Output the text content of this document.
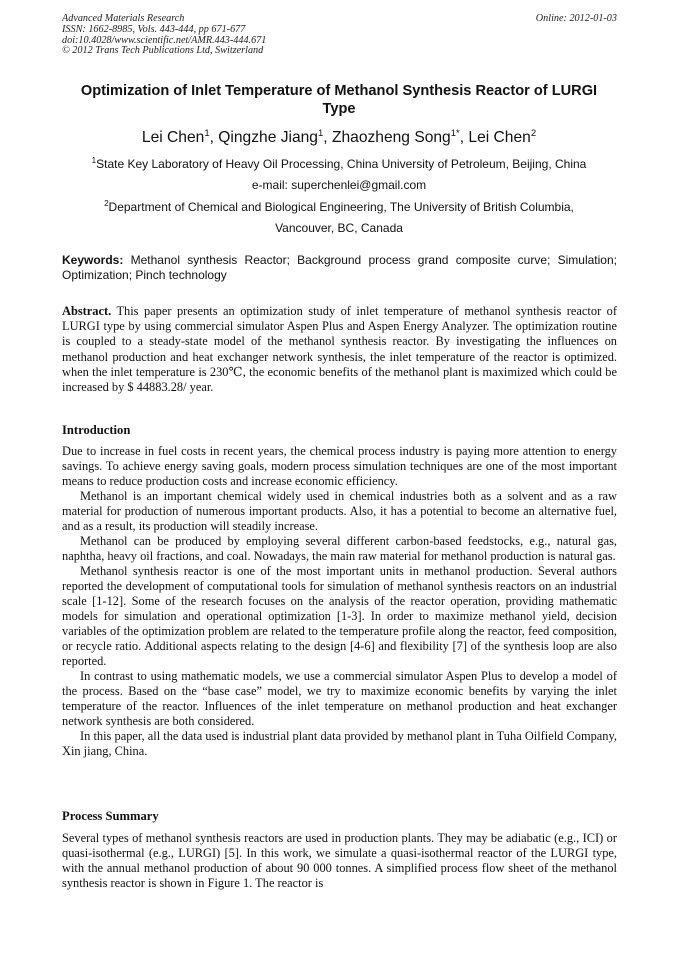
Advanced Materials Research
ISSN: 1662-8985, Vols. 443-444, pp 671-677
doi:10.4028/www.scientific.net/AMR.443-444.671
© 2012 Trans Tech Publications Ltd, Switzerland
Online: 2012-01-03
Optimization of Inlet Temperature of Methanol Synthesis Reactor of LURGI Type
Lei Chen$^1$, Qingzhe Jiang$^1$, Zhaozheng Song$^{1*}$, Lei Chen$^2$
$^1$State Key Laboratory of Heavy Oil Processing, China University of Petroleum, Beijing, China
e-mail: superchenlei@gmail.com
$^2$Department of Chemical and Biological Engineering, The University of British Columbia,
Vancouver, BC, Canada
Keywords: Methanol synthesis Reactor; Background process grand composite curve; Simulation; Optimization; Pinch technology
Abstract. This paper presents an optimization study of inlet temperature of methanol synthesis reactor of LURGI type by using commercial simulator Aspen Plus and Aspen Energy Analyzer. The optimization routine is coupled to a steady-state model of the methanol synthesis reactor. By investigating the influences on methanol production and heat exchanger network synthesis, the inlet temperature of the reactor is optimized. when the inlet temperature is 230℃, the economic benefits of the methanol plant is maximized which could be increased by $ 44883.28/ year.
Introduction

Due to increase in fuel costs in recent years, the chemical process industry is paying more attention to energy savings. To achieve energy saving goals, modern process simulation techniques are one of the most important means to reduce production costs and increase economic efficiency.

Methanol is an important chemical widely used in chemical industries both as a solvent and as a raw material for production of numerous important products. Also, it has a potential to become an alternative fuel, and as a result, its production will steadily increase.

Methanol can be produced by employing several different carbon-based feedstocks, e.g., natural gas, naphtha, heavy oil fractions, and coal. Nowadays, the main raw material for methanol production is natural gas.

Methanol synthesis reactor is one of the most important units in methanol production. Several authors reported the development of computational tools for simulation of methanol synthesis reactors on an industrial scale [1-12]. Some of the research focuses on the analysis of the reactor operation, providing mathematic models for simulation and operational optimization [1-3]. In order to maximize methanol yield, decision variables of the optimization problem are related to the temperature profile along the reactor, feed composition, or recycle ratio. Additional aspects relating to the design [4-6] and flexibility [7] of the synthesis loop are also reported.

In contrast to using mathematic models, we use a commercial simulator Aspen Plus to develop a model of the process. Based on the “base case” model, we try to maximize economic benefits by varying the inlet temperature of the reactor. Influences of the inlet temperature on methanol production and heat exchanger network synthesis are both considered.

In this paper, all the data used is industrial plant data provided by methanol plant in Tuha Oilfield Company, Xin jiang, China.

Process Summary

Several types of methanol synthesis reactors are used in production plants. They may be adiabatic (e.g., ICI) or quasi-isothermal (e.g., LURGI) [5]. In this work, we simulate a quasi-isothermal reactor of the LURGI type, with the annual methanol production of about 90 000 tonnes. A simplified process flow sheet of the methanol synthesis reactor is shown in Figure 1. The reactor is
